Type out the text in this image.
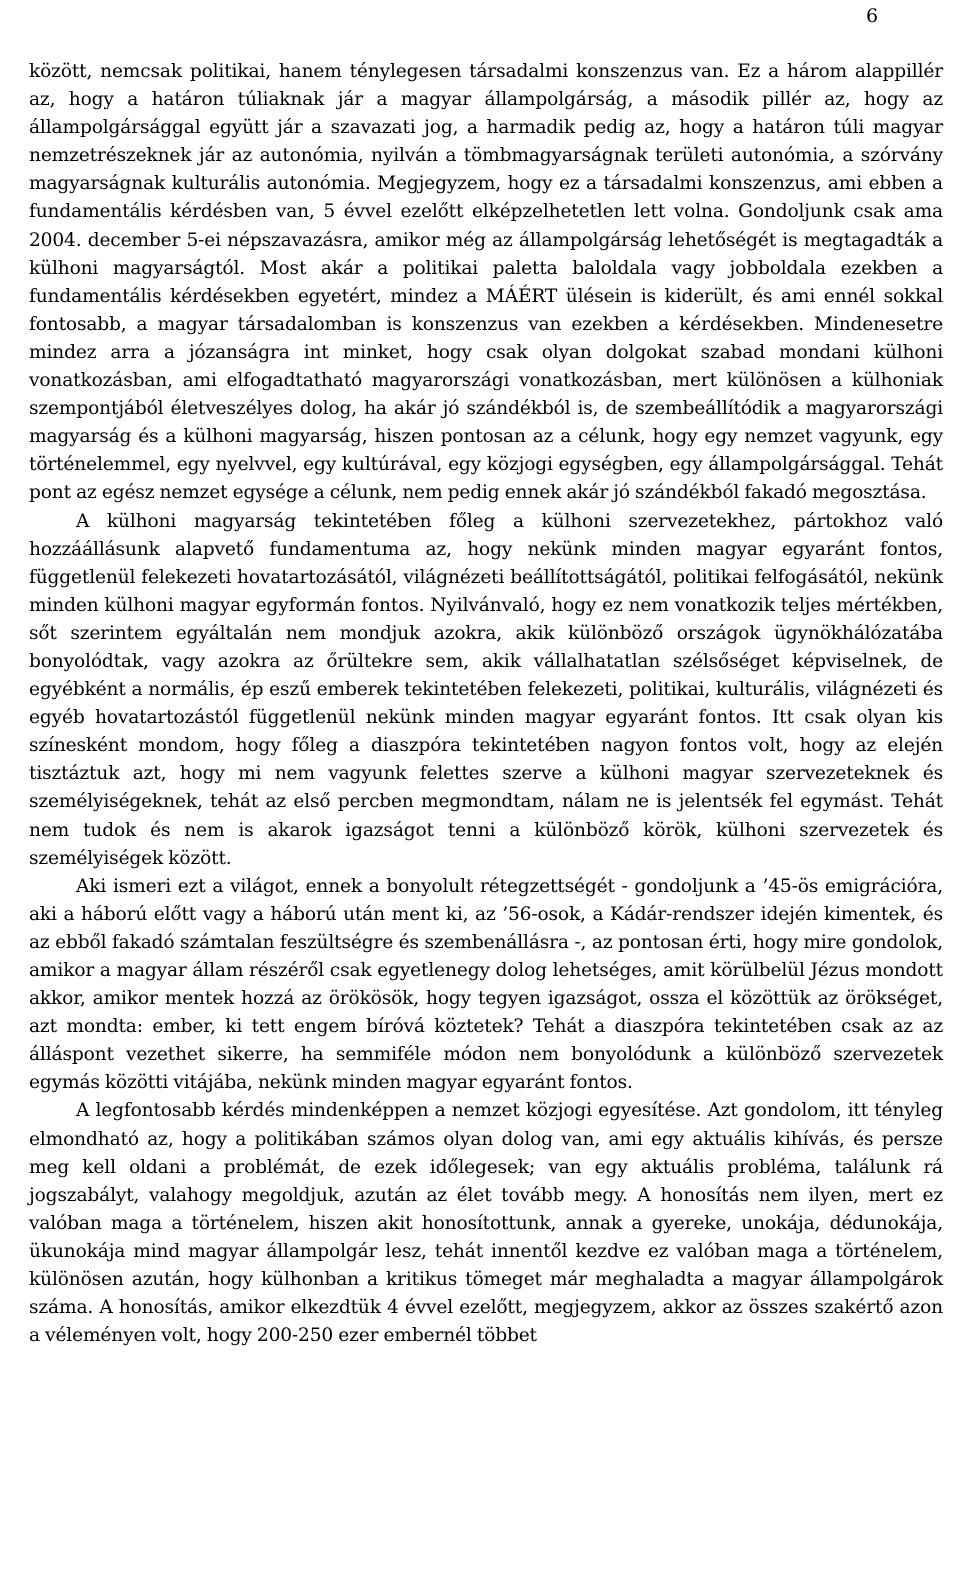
6

között, nemcsak politikai, hanem ténylegesen társadalmi konszenzus van. Ez a három alappillér az, hogy a határon túliaknak jár a magyar állampolgárság, a második pillér az, hogy az állampolgársággal együtt jár a szavazati jog, a harmadik pedig az, hogy a határon túli magyar nemzetrészeknek jár az autonómia, nyilván a tömbmagyarságnak területi autonómia, a szórvány magyarságnak kulturális autonómia. Megjegyzem, hogy ez a társadalmi konszenzus, ami ebben a fundamentális kérdésben van, 5 évvel ezelőtt elképzelhetetlen lett volna. Gondoljunk csak ama 2004. december 5-ei népszavazásra, amikor még az állampolgárság lehetőségét is megtagadták a külhoni magyarságtól. Most akár a politikai paletta baloldala vagy jobboldala ezekben a fundamentális kérdésekben egyetért, mindez a MÁÉRT ülésein is kiderült, és ami ennél sokkal fontosabb, a magyar társadalomban is konszenzus van ezekben a kérdésekben. Mindenesetre mindez arra a józanságra int minket, hogy csak olyan dolgokat szabad mondani külhoni vonatkozásban, ami elfogadtatható magyarországi vonatkozásban, mert különösen a külhoniak szempontjából életveszélyes dolog, ha akár jó szándékból is, de szembeállítódik a magyarországi magyarság és a külhoni magyarság, hiszen pontosan az a célunk, hogy egy nemzet vagyunk, egy történelemmel, egy nyelvvel, egy kultúrával, egy közjogi egységben, egy állampolgársággal. Tehát pont az egész nemzet egysége a célunk, nem pedig ennek akár jó szándékból fakadó megosztása.

A külhoni magyarság tekintetében főleg a külhoni szervezetekhez, pártokhoz való hozzáállásunk alapvető fundamentuma az, hogy nekünk minden magyar egyaránt fontos, függetlenül felekezeti hovatartozásától, világnézeti beállítottságától, politikai felfogásától, nekünk minden külhoni magyar egyformán fontos. Nyilvánvaló, hogy ez nem vonatkozik teljes mértékben, sőt szerintem egyáltalán nem mondjuk azokra, akik különböző országok ügynökhálózatába bonyolódtak, vagy azokra az őrültekre sem, akik vállalhatatlan szélsőséget képviselnek, de egyébként a normális, ép eszű emberek tekintetében felekezeti, politikai, kulturális, világnézeti és egyéb hovatartozástól függetlenül nekünk minden magyar egyaránt fontos. Itt csak olyan kis színesként mondom, hogy főleg a diaszpóra tekintetében nagyon fontos volt, hogy az elején tisztáztuk azt, hogy mi nem vagyunk felettes szerve a külhoni magyar szervezeteknek és személyiségeknek, tehát az első percben megmondtam, nálam ne is jelentsék fel egymást. Tehát nem tudok és nem is akarok igazságot tenni a különböző körök, külhoni szervezetek és személyiségek között.

Aki ismeri ezt a világot, ennek a bonyolult rétegzettségét - gondoljunk a ’45-ös emigrációra, aki a háború előtt vagy a háború után ment ki, az ’56-osok, a Kádár-rendszer idején kimentek, és az ebből fakadó számtalan feszültségre és szembenállásra -, az pontosan érti, hogy mire gondolok, amikor a magyar állam részéről csak egyetlenegy dolog lehetséges, amit körülbelül Jézus mondott akkor, amikor mentek hozzá az örökösök, hogy tegyen igazságot, ossza el közöttük az örökséget, azt mondta: ember, ki tett engem bíróvá köztetek? Tehát a diaszpóra tekintetében csak az az álláspont vezethet sikerre, ha semmiféle módon nem bonyolódunk a különböző szervezetek egymás közötti vitájába, nekünk minden magyar egyaránt fontos.

A legfontosabb kérdés mindenképpen a nemzet közjogi egyesítése. Azt gondolom, itt tényleg elmondható az, hogy a politikában számos olyan dolog van, ami egy aktuális kihívás, és persze meg kell oldani a problémát, de ezek időlegesek; van egy aktuális probléma, találunk rá jogszabályt, valahogy megoldjuk, azután az élet tovább megy. A honosítás nem ilyen, mert ez valóban maga a történelem, hiszen akit honosítottunk, annak a gyereke, unokája, dédunokája, ükunokája mind magyar állampolgár lesz, tehát innentől kezdve ez valóban maga a történelem, különösen azután, hogy külhonban a kritikus tömeget már meghaladta a magyar állampolgárok száma. A honosítás, amikor elkezdtük 4 évvel ezelőtt, megjegyzem, akkor az összes szakértő azon a véleményen volt, hogy 200-250 ezer embernél többet
